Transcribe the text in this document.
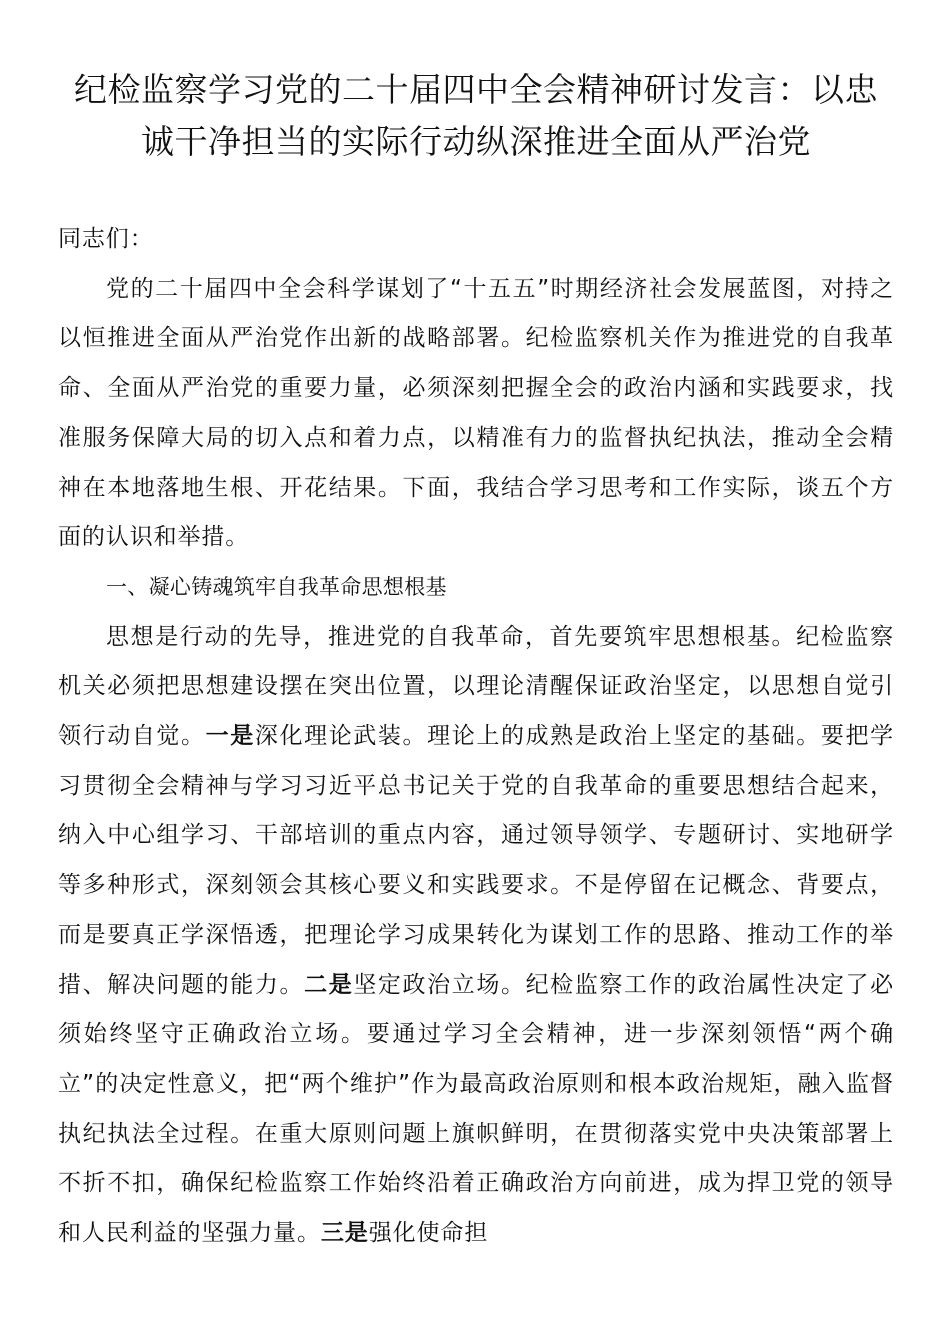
纪检监察学习党的二十届四中全会精神研讨发言：以忠诚干净担当的实际行动纵深推进全面从严治党

同志们：

党的二十届四中全会科学谋划了“十五五”时期经济社会发展蓝图，对持之以恒推进全面从严治党作出新的战略部署。纪检监察机关作为推进党的自我革命、全面从严治党的重要力量，必须深刻把握全会的政治内涵和实践要求，找准服务保障大局的切入点和着力点，以精准有力的监督执纪执法，推动全会精神在本地落地生根、开花结果。下面，我结合学习思考和工作实际，谈五个方面的认识和举措。

一、凝心铸魂筑牢自我革命思想根基

思想是行动的先导，推进党的自我革命，首先要筑牢思想根基。纪检监察机关必须把思想建设摆在突出位置，以理论清醒保证政治坚定，以思想自觉引领行动自觉。一是深化理论武装。理论上的成熟是政治上坚定的基础。要把学习贯彻全会精神与学习习近平总书记关于党的自我革命的重要思想结合起来，纳入中心组学习、干部培训的重点内容，通过领导领学、专题研讨、实地研学等多种形式，深刻领会其核心要义和实践要求。不是停留在记概念、背要点，而是要真正学深悟透，把理论学习成果转化为谋划工作的思路、推动工作的举措、解决问题的能力。二是坚定政治立场。纪检监察工作的政治属性决定了必须始终坚守正确政治立场。要通过学习全会精神，进一步深刻领悟“两个确立”的决定性意义，把“两个维护”作为最高政治原则和根本政治规矩，融入监督执纪执法全过程。在重大原则问题上旗帜鲜明，在贯彻落实党中央决策部署上不折不扣，确保纪检监察工作始终沿着正确政治方向前进，成为捍卫党的领导和人民利益的坚强力量。三是强化使命担
